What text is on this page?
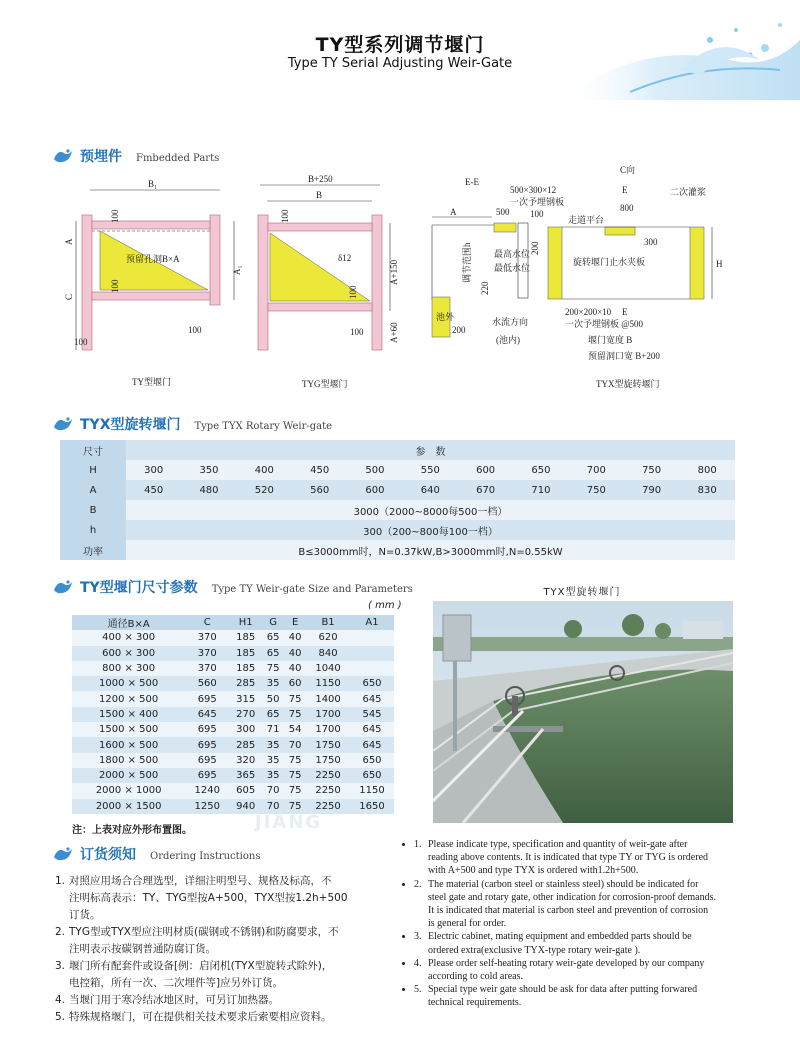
TY型系列调节堰门
Type TY Serial Adjusting Weir-Gate
预埋件 Fmbedded Parts
B₁
预留孔洞B×A
100
100
100
100
A
C
A₁
TY型堰门
B+250
B
100
100
100
δ12
A+150
A+60
TYG型堰门
E-E
500×300×12
一次予埋钢板
A	500 100
调节范围h 最高水位
最低水位
200
220
池外
200
水流方向
(池内)
C向
E
800
二次灌浆
走道平台
300
旋转堰门止水夹板	H
200×200×10
一次予埋钢板 @500
堰门宽度 B
预留洞口宽 B+200
E
TYX型旋转堰门
TYX型旋转堰门 Type TYX Rotary Weir-gate
尺寸	参　数										
H	300	350	400	450	500	550	600	650	700	750	800
A	450	480	520	560	600	640	670	710	750	790	830
B	3000（2000~8000每500一档）										
h	300（200~800每100一档）										
功率	B≤3000mm时，N=0.37kW,B>3000mm时,N=0.55kW										
TY型堰门尺寸参数 Type TY Weir-gate Size and Parameters
( mm )
通径B×A	C	H1	G	E	B1	A1
400 × 300	370	185	65	40	620	
600 × 300	370	185	65	40	840	
800 × 300	370	185	75	40	1040	
1000 × 500	560	285	35	60	1150	650
1200 × 500	695	315	50	75	1400	645
1500 × 400	645	270	65	75	1700	545
1500 × 500	695	300	71	54	1700	645
1600 × 500	695	285	35	70	1750	645
1800 × 500	695	320	35	75	1750	650
2000 × 500	695	365	35	75	2250	650
2000 × 1000	1240	605	70	75	2250	1150
2000 × 1500	1250	940	70	75	2250	1650
注：上表对应外形布置图。
TYX型旋转堰门
JIANG
订货须知 Ordering Instructions
1. 对照应用场合合理选型，详细注明型号、规格及标高，不
注明标高表示：TY、TYG型按A+500，TYX型按1.2h+500
订货。
2. TYG型或TYX型应注明材质(碳钢或不锈钢)和防腐要求，不
注明表示按碳钢普通防腐订货。
3. 堰门所有配套件或设备[例：启闭机(TYX型旋转式除外)，
电控箱，所有一次、二次埋件等]应另外订货。
4. 当堰门用于寒冷结冰地区时，可另订加热器。
5. 特殊规格堰门，可在提供相关技术要求后索要相应资料。
• 1. Please indicate type, specification and quantity of weir-gate after
reading above contents. It is indicated that type TY or TYG is ordered
with A+500 and type TYX is ordered with1.2h+500.
• 2. The material (carbon steel or stainless steel) should be indicated for
steel gate and rotary gate, other indication for corrosion-proof demands.
It is indicated that material is carbon steel and prevention of corrosion
is general for order.
• 3. Electric cabinet, mating equipment and embedded parts should be
ordered extra(exclusive TYX-type rotary weir-gate ).
• 4. Please order self-heating rotary weir-gate developed by our company
according to cold areas.
• 5. Special type weir gate should be ask for data after putting forwared
technical requirements.
